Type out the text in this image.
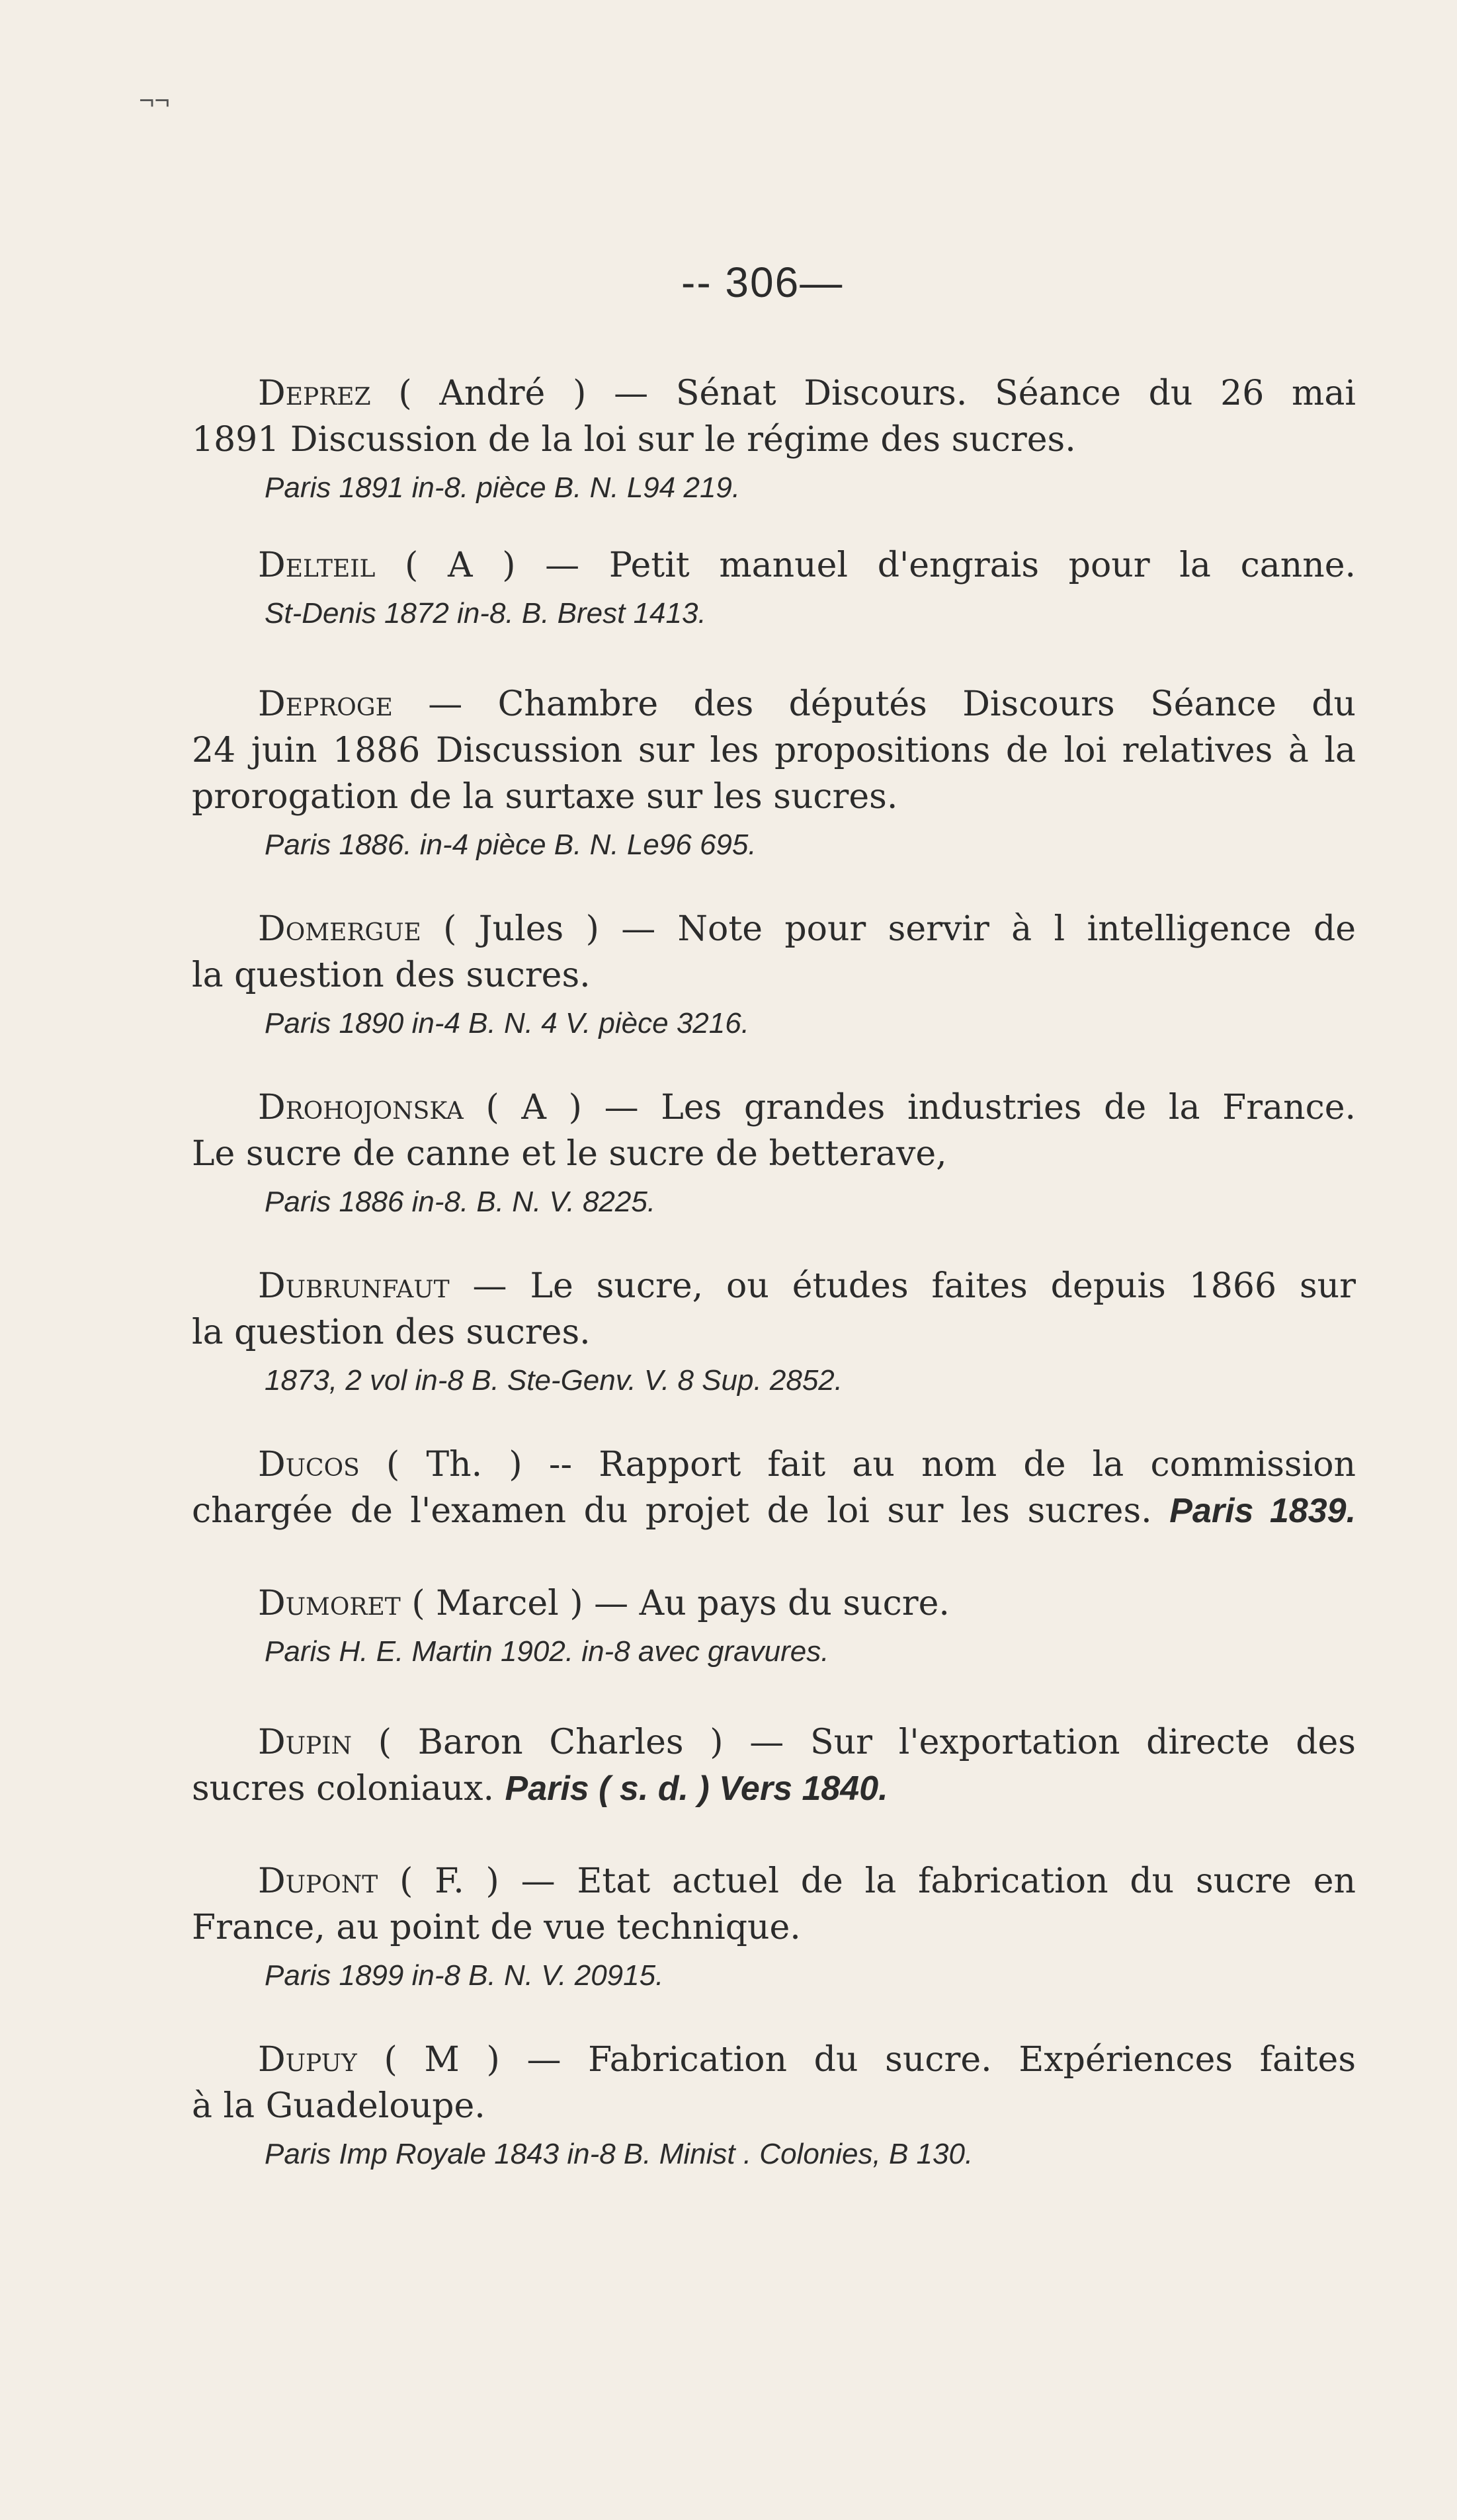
¬¬
-- 306—
Deprez ( André ) — Sénat Discours. Séance du 26 mai
1891 Discussion de la loi sur le régime des sucres.
Paris 1891 in-8. pièce B. N. L94 219.
Delteil ( A ) — Petit manuel d'engrais pour la canne.
St-Denis 1872 in-8. B. Brest 1413.
Deproge — Chambre des députés Discours Séance du
24 juin 1886 Discussion sur les propositions de loi relatives à la
prorogation de la surtaxe sur les sucres.
Paris 1886. in-4 pièce B. N. Le96 695.
Domergue ( Jules ) — Note pour servir à l intelligence de
la question des sucres.
Paris 1890 in-4 B. N. 4 V. pièce 3216.
Drohojonska ( A ) — Les grandes industries de la France.
Le sucre de canne et le sucre de betterave,
Paris 1886 in-8. B. N. V. 8225.
Dubrunfaut — Le sucre, ou études faites depuis 1866 sur
la question des sucres.
1873, 2 vol in-8 B. Ste-Genv. V. 8 Sup. 2852.
Ducos ( Th. ) -- Rapport fait au nom de la commission
chargée de l'examen du projet de loi sur les sucres. Paris 1839.
Dumoret ( Marcel ) — Au pays du sucre.
Paris H. E. Martin 1902. in-8 avec gravures.
Dupin ( Baron Charles ) — Sur l'exportation directe des
sucres coloniaux. Paris ( s. d. ) Vers 1840.
Dupont ( F. ) — Etat actuel de la fabrication du sucre en
France, au point de vue technique.
Paris 1899 in-8 B. N. V. 20915.
Dupuy ( M ) — Fabrication du sucre. Expériences faites
à la Guadeloupe.
Paris Imp Royale 1843 in-8 B. Minist . Colonies, B 130.
